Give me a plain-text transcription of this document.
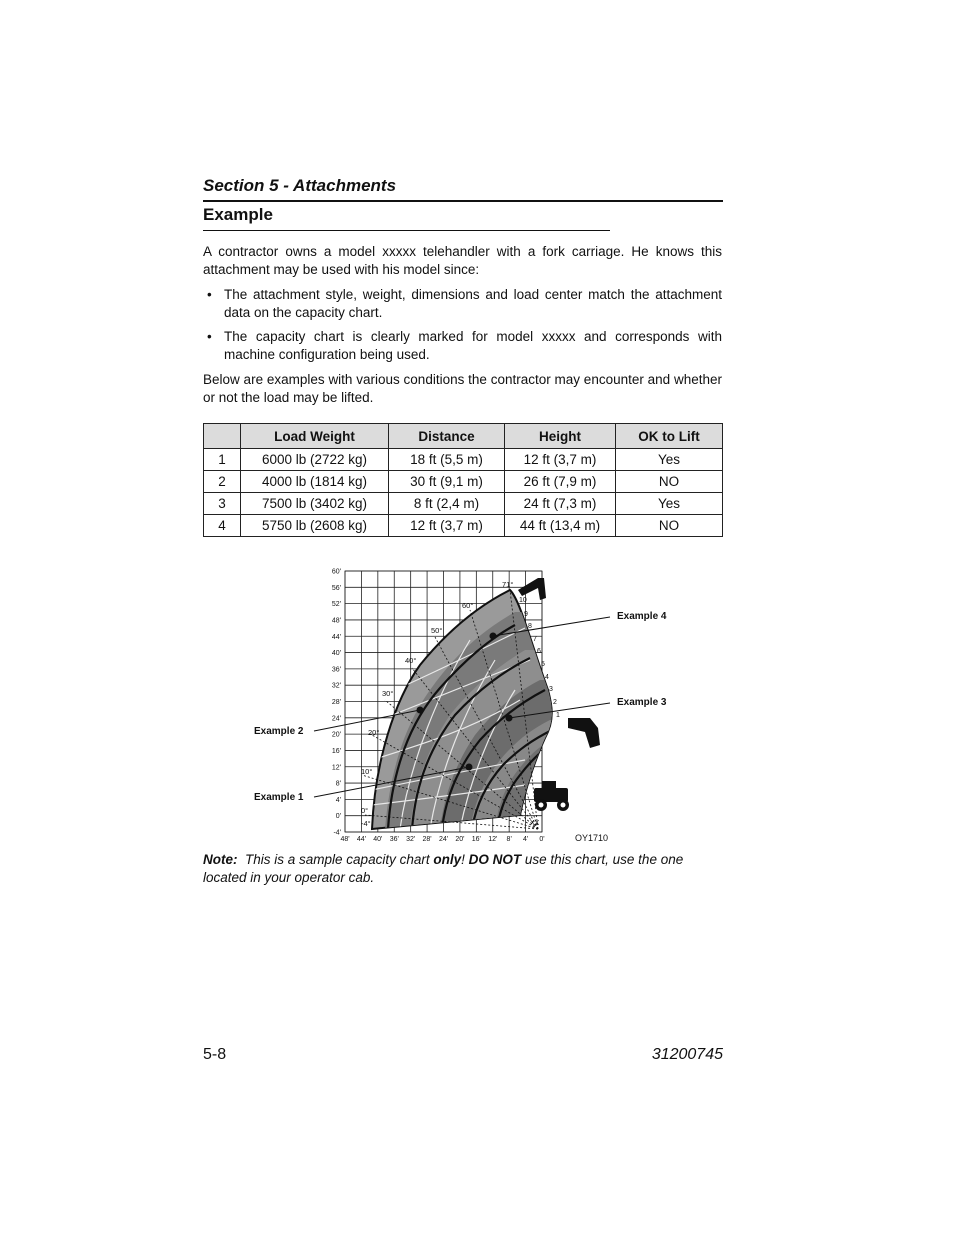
Section 5 - Attachments
Example
A contractor owns a model xxxxx telehandler with a fork carriage. He knows this attachment may be used with his model since:
• The attachment style, weight, dimensions and load center match the attachment data on the capacity chart.
• The capacity chart is clearly marked for model xxxxx and corresponds with machine configuration being used.
Below are examples with various conditions the contractor may encounter and whether or not the load may be lifted.
	Load Weight	Distance	Height	OK to Lift
1	6000 lb (2722 kg)	18 ft (5,5 m)	12 ft (3,7 m)	Yes
2	4000 lb (1814 kg)	30 ft (9,1 m)	26 ft (7,9 m)	NO
3	7500 lb (3402 kg)	8 ft (2,4 m)	24 ft (7,3 m)	Yes
4	5750 lb (2608 kg)	12 ft (3,7 m)	44 ft (13,4 m)	NO
71°
60°
50°
40°
30°
20°
10°
0°
-4°
10
9
8
7
6
5
4
3
2
1
XX
60'
56'
52'
48'
44'
40'
36'
32'
28'
24'
20'
16'
12'
8'
4'
0'
-4'
48' 44' 40' 36' 32' 28' 24' 20' 16' 12' 8' 4' 0'
Example 4
Example 3
Example 2
Example 1
OY1710
Note: This is a sample capacity chart only! DO NOT use this chart, use the one located in your operator cab.
5-8	31200745
